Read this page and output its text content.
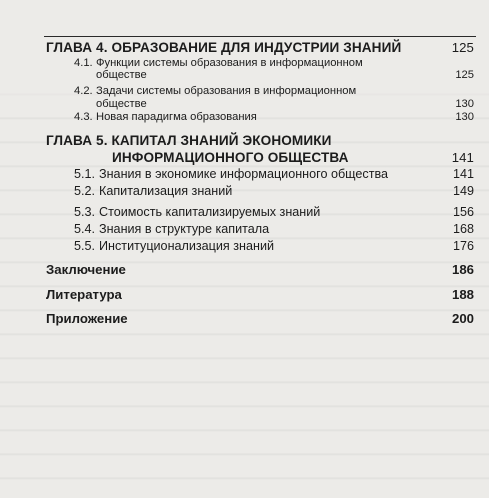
ГЛАВА 4. ОБРАЗОВАНИЕ ДЛЯ ИНДУСТРИИ ЗНАНИЙ	125
4.1. Функции системы образования в информационном
обществе	125
4.2. Задачи системы образования в информационном
обществе	130
4.3. Новая парадигма образования	130
ГЛАВА 5. КАПИТАЛ ЗНАНИЙ ЭКОНОМИКИ
ИНФОРМАЦИОННОГО ОБЩЕСТВА	141
5.1. Знания в экономике информационного общества	141
5.2. Капитализация знаний	149
5.3. Стоимость капитализируемых знаний	156
5.4. Знания в структуре капитала	168
5.5. Институционализация знаний	176
Заключение	186
Литература	188
Приложение	200
